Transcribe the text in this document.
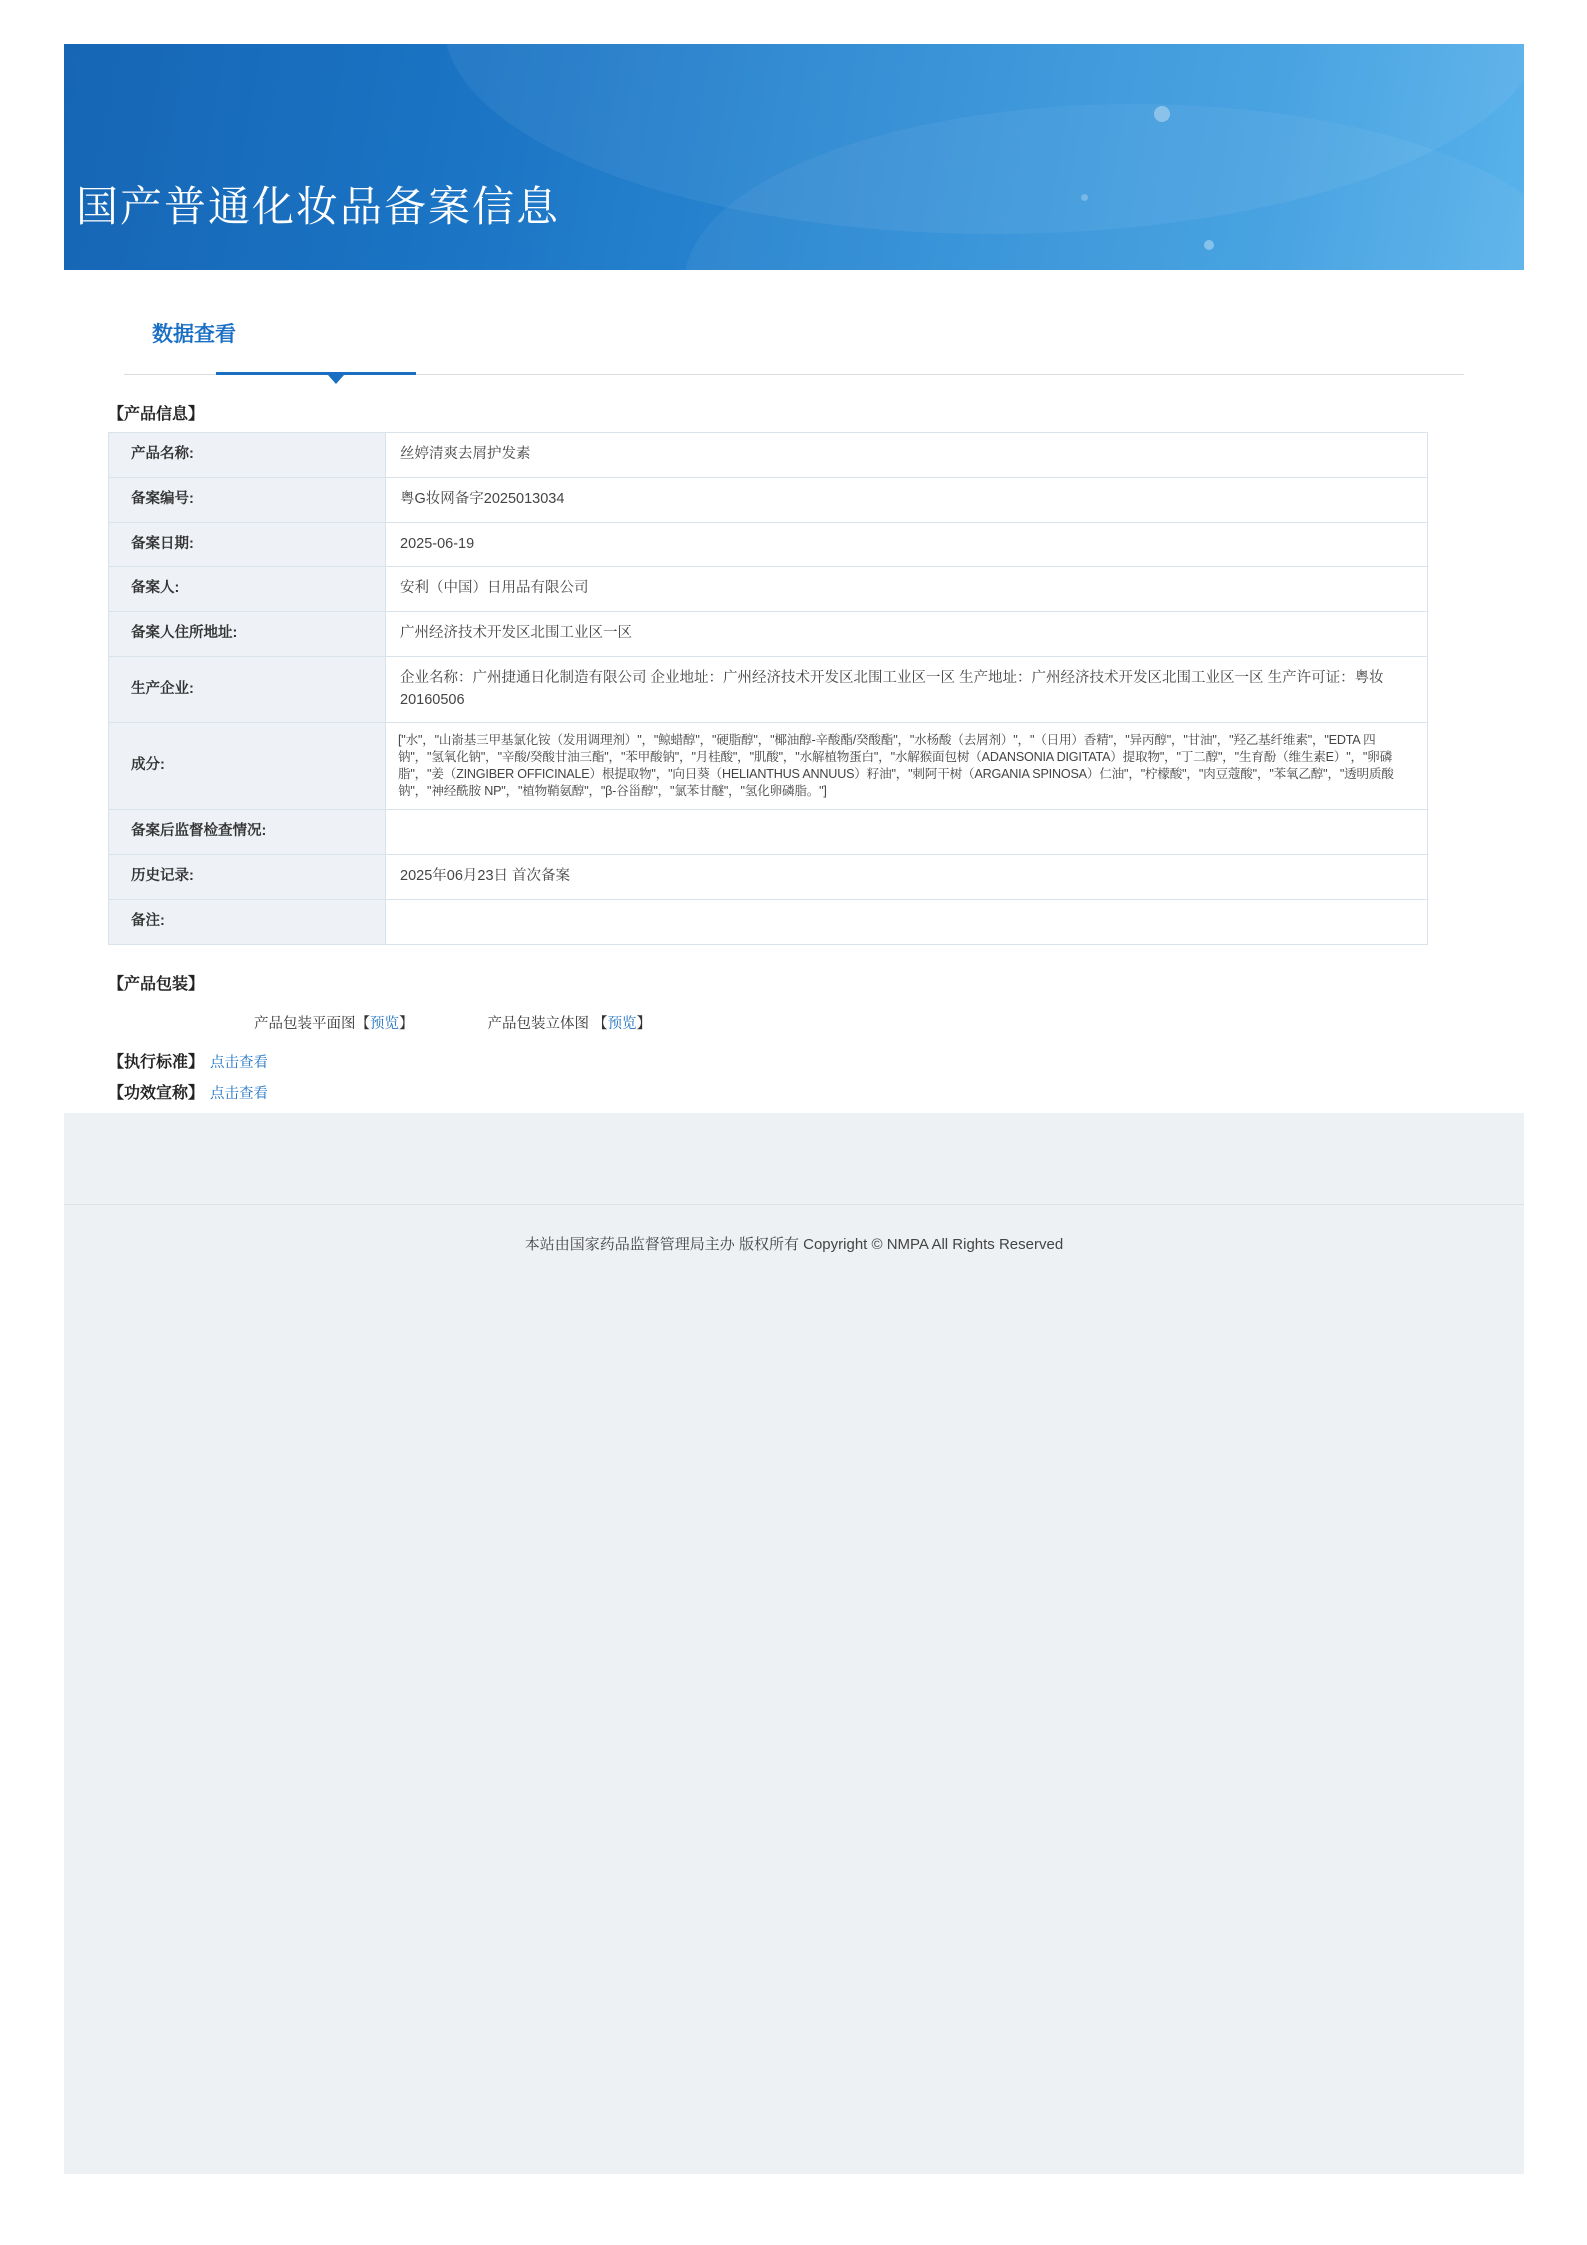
国产普通化妆品备案信息
数据查看
【产品信息】
产品名称:	丝婷清爽去屑护发素
备案编号:	粤G妆网备字2025013034
备案日期:	2025-06-19
备案人:	安利（中国）日用品有限公司
备案人住所地址:	广州经济技术开发区北围工业区一区
生产企业:	企业名称：广州捷通日化制造有限公司 企业地址：广州经济技术开发区北围工业区一区 生产地址：广州经济技术开发区北围工业区一区 生产许可证：粤妆20160506
成分:	["水"，"山嵛基三甲基氯化铵（发用调理剂）"，"鲸蜡醇"，"硬脂醇"，"椰油醇-辛酸酯/癸酸酯"，"水杨酸（去屑剂）"，"（日用）香精"，"异丙醇"，"甘油"，"羟乙基纤维素"，"EDTA 四钠"，"氢氧化钠"，"辛酸/癸酸甘油三酯"，"苯甲酸钠"，"月桂酸"，"肌酸"，"水解植物蛋白"，"水解猴面包树（ADANSONIA DIGITATA）提取物"，"丁二醇"，"生育酚（维生素E）"，"卵磷脂"，"姜（ZINGIBER OFFICINALE）根提取物"，"向日葵（HELIANTHUS ANNUUS）籽油"，"刺阿干树（ARGANIA SPINOSA）仁油"，"柠檬酸"，"肉豆蔻酸"，"苯氧乙醇"，"透明质酸钠"，"神经酰胺 NP"，"植物鞘氨醇"，"β-谷甾醇"，"氯苯甘醚"，"氢化卵磷脂。"]
备案后监督检查情况:	
历史记录:	2025年06月23日 首次备案
备注:	
【产品包装】
产品包装平面图【预览】	产品包装立体图 【预览】
【执行标准】 点击查看
【功效宣称】 点击查看
本站由国家药品监督管理局主办 版权所有 Copyright © NMPA All Rights Reserved
